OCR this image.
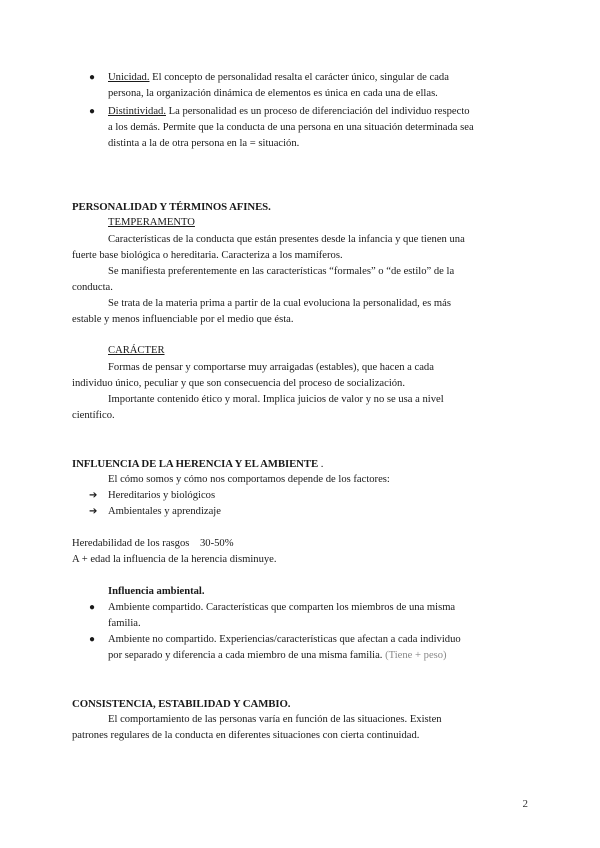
● Unicidad. El concepto de personalidad resalta el carácter único, singular de cada
persona, la organización dinámica de elementos es única en cada una de ellas.
● Distintividad. La personalidad es un proceso de diferenciación del individuo respecto
a los demás. Permite que la conducta de una persona en una situación determinada sea
distinta a la de otra persona en la = situación.
PERSONALIDAD Y TÉRMINOS AFINES.
TEMPERAMENTO
Características de la conducta que están presentes desde la infancia y que tienen una
fuerte base biológica o hereditaria. Caracteriza a los mamíferos.
Se manifiesta preferentemente en las características “formales” o “de estilo” de la
conducta.
Se trata de la materia prima a partir de la cual evoluciona la personalidad, es más
estable y menos influenciable por el medio que ésta.
CARÁCTER
Formas de pensar y comportarse muy arraigadas (estables), que hacen a cada
individuo único, peculiar y que son consecuencia del proceso de socialización.
Importante contenido ético y moral. Implica juicios de valor y no se usa a nivel
científico.
INFLUENCIA DE LA HERENCIA Y EL AMBIENTE .
El cómo somos y cómo nos comportamos depende de los factores:
➔ Hereditarios y biológicos
➔ Ambientales y aprendizaje
Heredabilidad de los rasgos    30-50%
A + edad la influencia de la herencia disminuye.
Influencia ambiental.
● Ambiente compartido. Características que comparten los miembros de una misma
familia.
● Ambiente no compartido. Experiencias/características que afectan a cada individuo
por separado y diferencia a cada miembro de una misma familia. (Tiene + peso)
CONSISTENCIA, ESTABILIDAD Y CAMBIO.
El comportamiento de las personas varía en función de las situaciones. Existen
patrones regulares de la conducta en diferentes situaciones con cierta continuidad.
2
